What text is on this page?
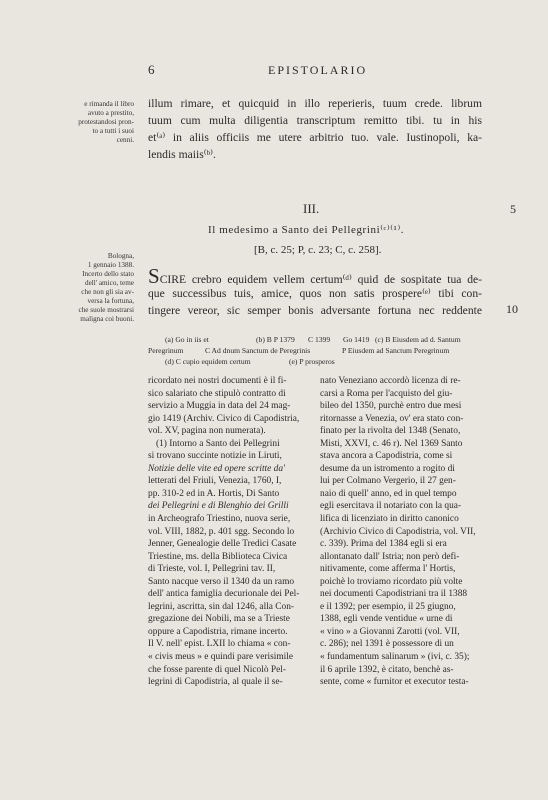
6	EPISTOLARIO
e rimanda il libro
avuto a prestito,
protestandosi pron-
to a tutti i suoi
cenni.
illum rimare, et quicquid in illo reperieris, tuum crede. librum
tuum cum multa diligentia transcriptum remitto tibi. tu in his
et⁽ᵃ⁾ in aliis officiis me utere arbitrio tuo. vale. Iustinopoli, ka-
lendis maiis⁽ᵇ⁾.
III.	5
Il medesimo a Santo dei Pellegrini⁽ᶜ⁾⁽¹⁾.
[B, c. 25; P, c. 23; C, c. 258].
Bologna,
1 gennaio 1388.
Incerto dello stato
dell' amico, teme
che non gli sia av-
versa la fortuna,
che suole mostrarsi
maligna coi buoni.
SCIRE crebro equidem vellem certum⁽ᵈ⁾ quid de sospitate tua de-
que successibus tuis, amice, quos non satis prospere⁽ᵉ⁾ tibi con-
tingere vereor, sic semper bonis adversante fortuna nec reddente 10
(a) Go in iis et	(b) B P 1379 C 1399 Go 1419 (c) B Eiusdem ad d. Santum
Peregrinum	C Ad dnum Sanctum de Peregrinis	P Eiusdem ad Sanctum Peregrinum
(d) C cupio equidem certum	(e) P prosperos
ricordato nei nostri documenti è il fi-
sico salariato che stipulò contratto di
servizio a Muggia in data del 24 mag-
gio 1419 (Archiv. Civico di Capodistria,
vol. XV, pagina non numerata).
(1) Intorno a Santo dei Pellegrini
si trovano succinte notizie in Liruti,
Notizie delle vite ed opere scritte da'
letterati del Friuli, Venezia, 1760, I,
pp. 310-2 ed in A. Hortis, Di Santo
dei Pellegrini e di Blenghio dei Grilli
in Archeografo Triestino, nuova serie,
vol. VIII, 1882, p. 401 sgg. Secondo lo
Jenner, Genealogie delle Tredici Casate
Triestine, ms. della Biblioteca Civica
di Trieste, vol. I, Pellegrini tav. II,
Santo nacque verso il 1340 da un ramo
dell' antica famiglia decurionale dei Pel-
legrini, ascritta, sin dal 1246, alla Con-
gregazione dei Nobili, ma se a Trieste
oppure a Capodistria, rimane incerto.
Il V. nell' epist. LXII lo chiama « con-
« civis meus » e quindi pare verisimile
che fosse parente di quel Nicolò Pel-
legrini di Capodistria, al quale il se-
nato Veneziano accordò licenza di re-
carsi a Roma per l'acquisto del giu-
bileo del 1350, purchè entro due mesi
ritornasse a Venezia, ov' era stato con-
finato per la rivolta del 1348 (Senato,
Misti, XXVI, c. 46 r). Nel 1369 Santo
stava ancora a Capodistria, come si
desume da un istromento a rogito di
lui per Colmano Vergerio, il 27 gen-
naio di quell' anno, ed in quel tempo
egli esercitava il notariato con la qua-
lifica di licenziato in diritto canonico
(Archivio Civico di Capodistria, vol. VII,
c. 339). Prima del 1384 egli si era
allontanato dall' Istria; non però defi-
nitivamente, come afferma l' Hortis,
poichè lo troviamo ricordato più volte
nei documenti Capodistriani tra il 1388
e il 1392; per esempio, il 25 giugno,
1388, egli vende ventidue « urne di
« vino » a Giovanni Zarotti (vol. VII,
c. 286); nel 1391 è possessore di un
« fundamentum salinarum » (ivi, c. 35);
il 6 aprile 1392, è citato, benchè as-
sente, come « furnitor et executor testa-
